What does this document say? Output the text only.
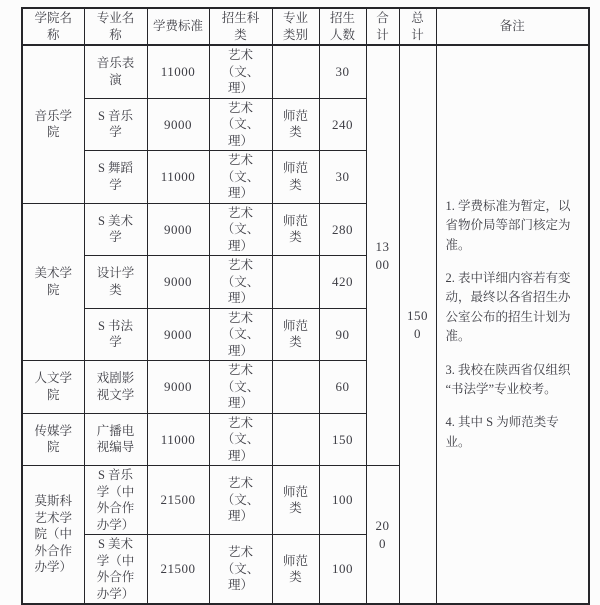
学院名称	专业名称	学费标准	招生科类	专业类别	招生人数	合计	总计	备注
音乐学院	音乐表演	11000	艺术（文、理）		30	1300	1500	1. 学费标准为暂定，以省物价局等部门核定为准。

2. 表中详细内容若有变动，最终以各省招生办公室公布的招生计划为准。

3. 我校在陕西省仅组织“书法学”专业校考。

4. 其中 S 为师范类专业。

	S 音乐学	9000	艺术（文、理）	师范类	240			
	S 舞蹈学	11000	艺术（文、理）	师范类	30			
美术学院	S 美术学	9000	艺术（文、理）	师范类	280			
	设计学类	9000	艺术（文、理）		420			
	S 书法学	9000	艺术（文、理）	师范类	90			
人文学院	戏剧影视文学	9000	艺术（文、理）		60			
传媒学院	广播电视编导	11000	艺术（文、理）		150			
莫斯科艺术学院（中外合作办学）	S 音乐学（中外合作办学）	21500	艺术（文、理）	师范类	100	200		
	S 美术学（中外合作办学）	21500	艺术（文、理）	师范类	100			
